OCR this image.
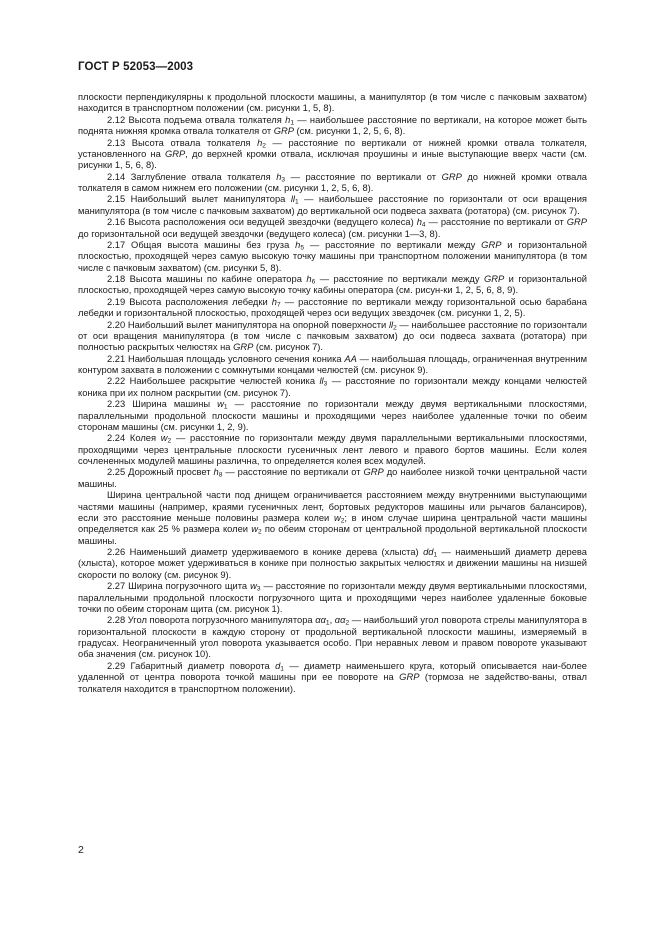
ГОСТ Р 52053—2003

плоскости перпендикулярны к продольной плоскости машины, а манипулятор (в том числе с пачковым захватом) находится в транспортном положении (см. рисунки 1, 5, 8).

2.12 Высота подъема отвала толкателя $h_1$ — наибольшее расстояние по вертикали, на которое может быть поднята нижняя кромка отвала толкателя от GRP (см. рисунки 1, 2, 5, 6, 8).

2.13 Высота отвала толкателя $h_2$ — расстояние по вертикали от нижней кромки отвала толкателя, установленного на GRP, до верхней кромки отвала, исключая проушины и иные выступающие вверх части (см. рисунки 1, 5, 6, 8).

2.14 Заглубление отвала толкателя $h_3$ — расстояние по вертикали от GRP до нижней кромки отвала толкателя в самом нижнем его положении (см. рисунки 1, 2, 5, 6, 8).

2.15 Наибольший вылет манипулятора $ll_1$ — наибольшее расстояние по горизонтали от оси вращения манипулятора (в том числе с пачковым захватом) до вертикальной оси подвеса захвата (ротатора) (см. рисунок 7).

2.16 Высота расположения оси ведущей звездочки (ведущего колеса) $h_4$ — расстояние по вертикали от GRP до горизонтальной оси ведущей звездочки (ведущего колеса) (см. рисунки 1—3, 8).

2.17 Общая высота машины без груза $h_5$ — расстояние по вертикали между GRP и горизонтальной плоскостью, проходящей через самую высокую точку машины при транспортном положении манипулятора (в том числе с пачковым захватом) (см. рисунки 5, 8).

2.18 Высота машины по кабине оператора $h_6$ — расстояние по вертикали между GRP и горизонтальной плоскостью, проходящей через самую высокую точку кабины оператора (см. рисун-ки 1, 2, 5, 6, 8, 9).

2.19 Высота расположения лебедки $h_7$ — расстояние по вертикали между горизонтальной осью барабана лебедки и горизонтальной плоскостью, проходящей через оси ведущих звездочек (см. рисунки 1, 2, 5).

2.20 Наибольший вылет манипулятора на опорной поверхности $ll_2$ — наибольшее расстояние по горизонтали от оси вращения манипулятора (в том числе с пачковым захватом) до оси подвеса захвата (ротатора) при полностью раскрытых челюстях на GRP (см. рисунок 7).

2.21 Наибольшая площадь условного сечения коника AA — наибольшая площадь, ограниченная внутренним контуром захвата в положении с сомкнутыми концами челюстей (см. рисунок 9).

2.22 Наибольшее раскрытие челюстей коника $ll_3$ — расстояние по горизонтали между концами челюстей коника при их полном раскрытии (см. рисунок 7).

2.23 Ширина машины $w_1$ — расстояние по горизонтали между двумя вертикальными плоскостями, параллельными продольной плоскости машины и проходящими через наиболее удаленные точки по обеим сторонам машины (см. рисунки 1, 2, 9).

2.24 Колея $w_2$ — расстояние по горизонтали между двумя параллельными вертикальными плоскостями, проходящими через центральные плоскости гусеничных лент левого и правого бортов машины. Если колея сочлененных модулей машины различна, то определяется колея всех модулей.

2.25 Дорожный просвет $h_8$ — расстояние по вертикали от GRP до наиболее низкой точки центральной части машины.

Ширина центральной части под днищем ограничивается расстоянием между внутренними выступающими частями машины (например, краями гусеничных лент, бортовых редукторов машины или рычагов балансиров), если это расстояние меньше половины размера колеи $w_2$; в ином случае ширина центральной части машины определяется как 25 % размера колеи $w_2$ по обеим сторонам от центральной продольной вертикальной плоскости машины.

2.26 Наименьший диаметр удерживаемого в конике дерева (хлыста) $dd_1$ — наименьший диаметр дерева (хлыста), которое может удерживаться в конике при полностью закрытых челюстях и движении машины на низшей скорости по волоку (см. рисунок 9).

2.27 Ширина погрузочного щита $w_3$ — расстояние по горизонтали между двумя вертикальными плоскостями, параллельными продольной плоскости погрузочного щита и проходящими через наиболее удаленные боковые точки по обеим сторонам щита (см. рисунок 1).

2.28 Угол поворота погрузочного манипулятора $\alpha\alpha_1$, $\alpha\alpha_2$ — наибольший угол поворота стрелы манипулятора в горизонтальной плоскости в каждую сторону от продольной вертикальной плоскости машины, измеряемый в градусах. Неограниченный угол поворота указывается особо. При неравных левом и правом повороте указывают оба значения (см. рисунок 10).

2.29 Габаритный диаметр поворота $d_1$ — диаметр наименьшего круга, который описывается наи-более удаленной от центра поворота точкой машины при ее повороте на GRP (тормоза не задейство-ваны, отвал толкателя находится в транспортном положении).

2
